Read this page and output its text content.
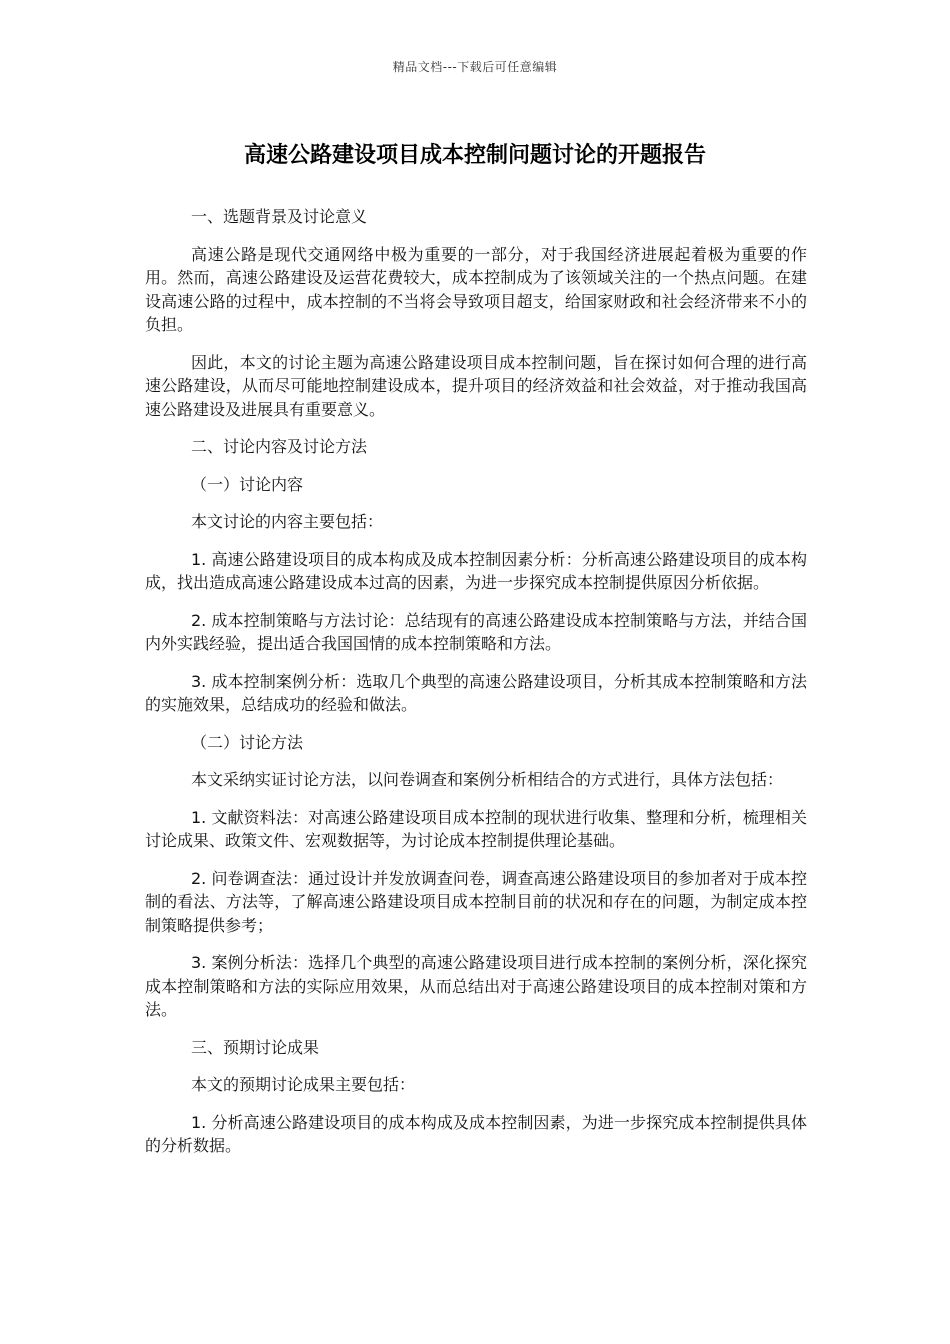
精品文档---下载后可任意编辑
高速公路建设项目成本控制问题讨论的开题报告

一、选题背景及讨论意义

高速公路是现代交通网络中极为重要的一部分，对于我国经济进展起着极为重要的作用。然而，高速公路建设及运营花费较大，成本控制成为了该领域关注的一个热点问题。在建设高速公路的过程中，成本控制的不当将会导致项目超支，给国家财政和社会经济带来不小的负担。

因此，本文的讨论主题为高速公路建设项目成本控制问题，旨在探讨如何合理的进行高速公路建设，从而尽可能地控制建设成本，提升项目的经济效益和社会效益，对于推动我国高速公路建设及进展具有重要意义。

二、讨论内容及讨论方法

（一）讨论内容

本文讨论的内容主要包括：

1. 高速公路建设项目的成本构成及成本控制因素分析：分析高速公路建设项目的成本构成，找出造成高速公路建设成本过高的因素，为进一步探究成本控制提供原因分析依据。

2. 成本控制策略与方法讨论：总结现有的高速公路建设成本控制策略与方法，并结合国内外实践经验，提出适合我国国情的成本控制策略和方法。

3. 成本控制案例分析：选取几个典型的高速公路建设项目，分析其成本控制策略和方法的实施效果，总结成功的经验和做法。

（二）讨论方法

本文采纳实证讨论方法，以问卷调查和案例分析相结合的方式进行，具体方法包括：

1. 文献资料法：对高速公路建设项目成本控制的现状进行收集、整理和分析，梳理相关讨论成果、政策文件、宏观数据等，为讨论成本控制提供理论基础。

2. 问卷调查法：通过设计并发放调查问卷，调查高速公路建设项目的参加者对于成本控制的看法、方法等，了解高速公路建设项目成本控制目前的状况和存在的问题，为制定成本控制策略提供参考；

3. 案例分析法：选择几个典型的高速公路建设项目进行成本控制的案例分析，深化探究成本控制策略和方法的实际应用效果，从而总结出对于高速公路建设项目的成本控制对策和方法。

三、预期讨论成果

本文的预期讨论成果主要包括：

1. 分析高速公路建设项目的成本构成及成本控制因素，为进一步探究成本控制提供具体的分析数据。
